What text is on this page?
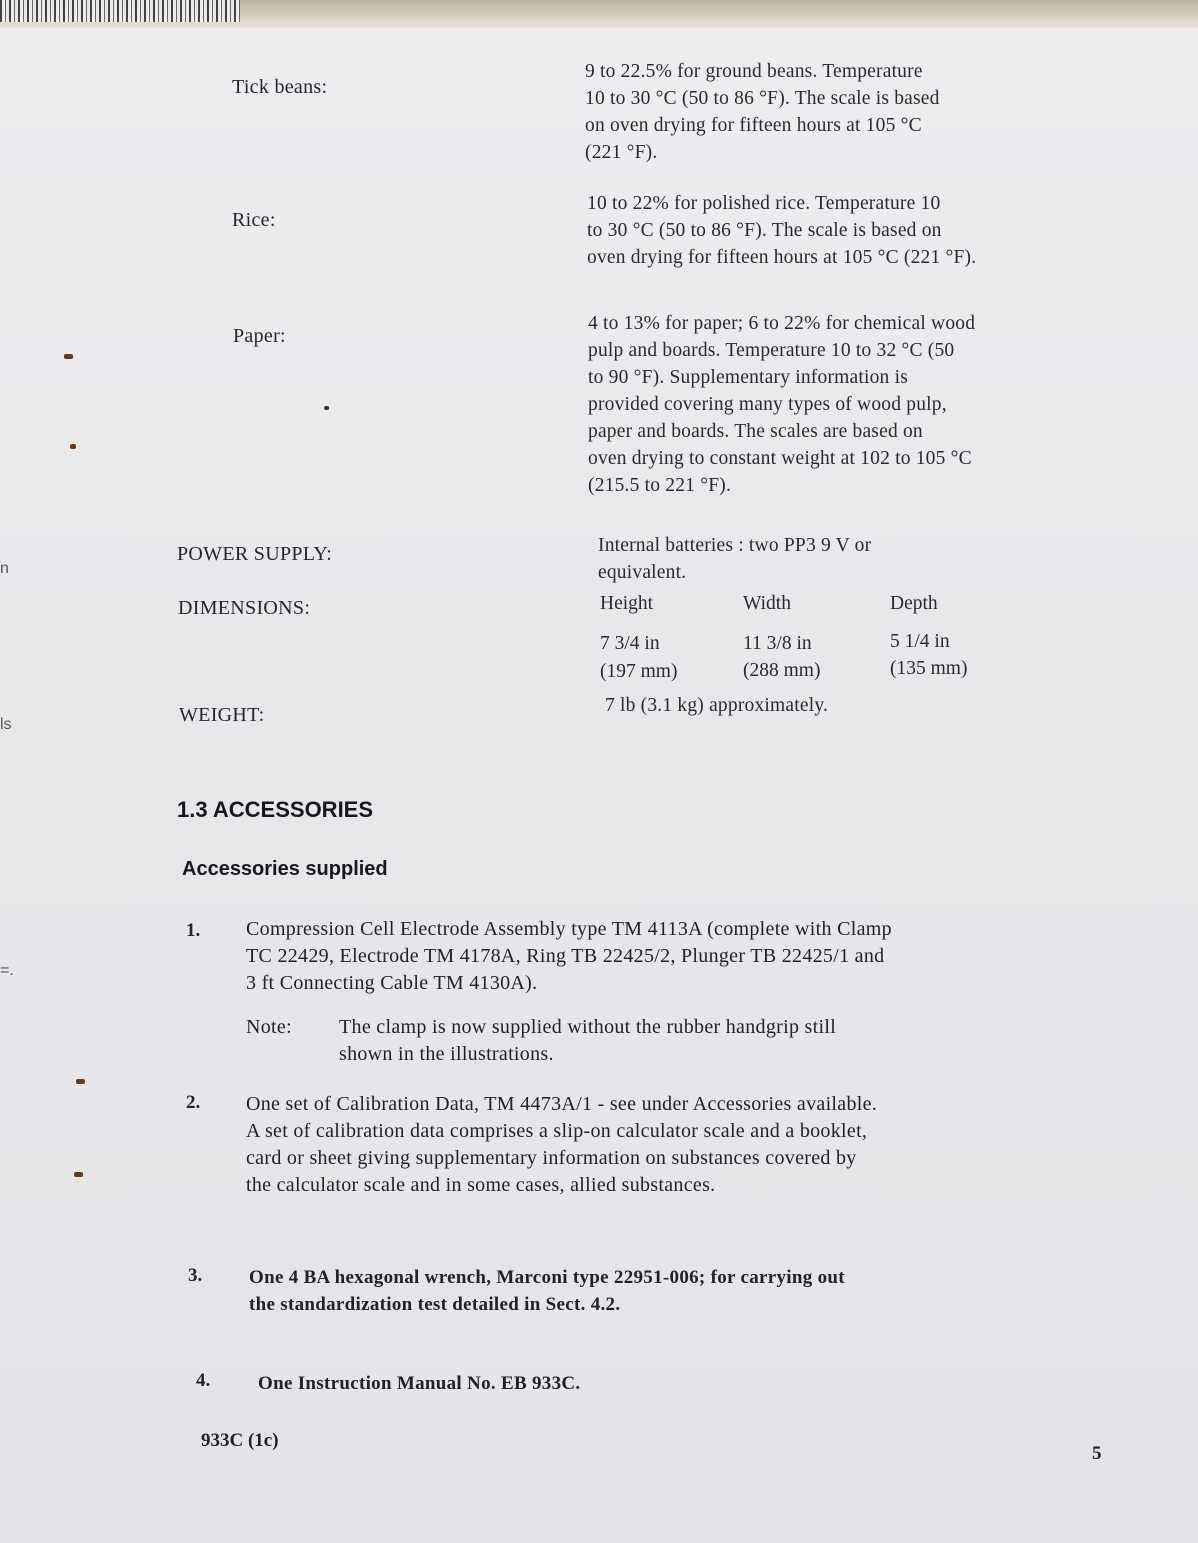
n
ls
=.
Tick beans:
9 to 22.5% for ground beans. Temperature
10 to 30 °C (50 to 86 °F). The scale is based
on oven drying for fifteen hours at 105 °C
(221 °F).
Rice:
10 to 22% for polished rice. Temperature 10
to 30 °C (50 to 86 °F). The scale is based on
oven drying for fifteen hours at 105 °C (221 °F).
Paper:
4 to 13% for paper; 6 to 22% for chemical wood
pulp and boards. Temperature 10 to 32 °C (50
to 90 °F). Supplementary information is
provided covering many types of wood pulp,
paper and boards. The scales are based on
oven drying to constant weight at 102 to 105 °C
(215.5 to 221 °F).
POWER SUPPLY:	Internal batteries : two PP3 9 V or
equivalent.
DIMENSIONS:	Height	Width	Depth
7 3/4 in	11 3/8 in	5 1/4 in
(197 mm)	(288 mm)	(135 mm)
WEIGHT:	7 lb (3.1 kg) approximately.
1.3 ACCESSORIES
Accessories supplied
1. Compression Cell Electrode Assembly type TM 4113A (complete with Clamp
TC 22429, Electrode TM 4178A, Ring TB 22425/2, Plunger TB 22425/1 and
3 ft Connecting Cable TM 4130A).
Note: The clamp is now supplied without the rubber handgrip still
shown in the illustrations.
2. One set of Calibration Data, TM 4473A/1 - see under Accessories available.
A set of calibration data comprises a slip-on calculator scale and a booklet,
card or sheet giving supplementary information on substances covered by
the calculator scale and in some cases, allied substances.
3. One 4 BA hexagonal wrench, Marconi type 22951-006; for carrying out
the standardization test detailed in Sect. 4.2.
4.	One Instruction Manual No. EB 933C.
933C (1c)
5
